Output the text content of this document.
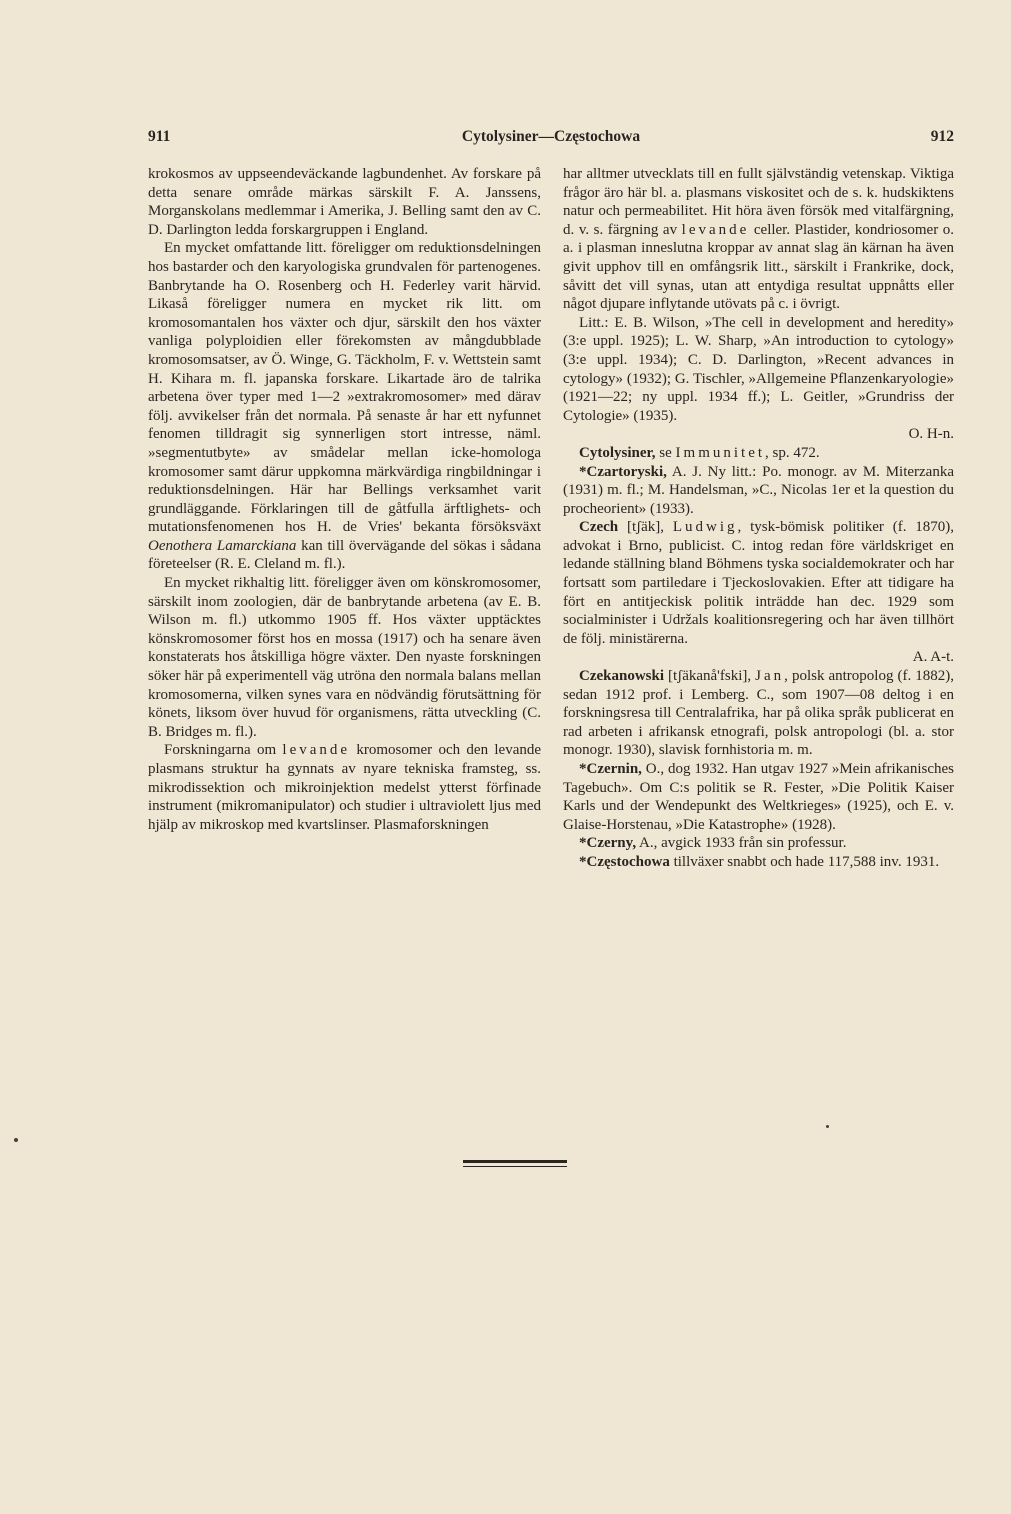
911	Cytolysiner—Częstochowa	912

krokosmos av uppseendeväckande lagbundenhet. Av forskare på detta senare område märkas särskilt F. A. Janssens, Morganskolans medlemmar i Amerika, J. Belling samt den av C. D. Darlington ledda forskargruppen i England.

En mycket omfattande litt. föreligger om reduktionsdelningen hos bastarder och den karyologiska grundvalen för partenogenes. Banbrytande ha O. Rosenberg och H. Federley varit härvid. Likaså föreligger numera en mycket rik litt. om kromosomantalen hos växter och djur, särskilt den hos växter vanliga polyploidien eller förekomsten av mångdubblade kromosomsatser, av Ö. Winge, G. Täckholm, F. v. Wettstein samt H. Kihara m. fl. japanska forskare. Likartade äro de talrika arbetena över typer med 1—2 »extrakromosomer» med därav följ. avvikelser från det normala. På senaste år har ett nyfunnet fenomen tilldragit sig synnerligen stort intresse, näml. »segmentutbyte» av smådelar mellan icke-homologa kromosomer samt därur uppkomna märkvärdiga ringbildningar i reduktionsdelningen. Här har Bellings verksamhet varit grundläggande. Förklaringen till de gåtfulla ärftlighets- och mutationsfenomenen hos H. de Vries' bekanta försöksväxt Oenothera Lamarckiana kan till övervägande del sökas i sådana företeelser (R. E. Cleland m. fl.).

En mycket rikhaltig litt. föreligger även om könskromosomer, särskilt inom zoologien, där de banbrytande arbetena (av E. B. Wilson m. fl.) utkommo 1905 ff. Hos växter upptäcktes könskromosomer först hos en mossa (1917) och ha senare även konstaterats hos åtskilliga högre växter. Den nyaste forskningen söker här på experimentell väg utröna den normala balans mellan kromosomerna, vilken synes vara en nödvändig förutsättning för könets, liksom över huvud för organismens, rätta utveckling (C. B. Bridges m. fl.).

Forskningarna om levande kromosomer och den levande plasmans struktur ha gynnats av nyare tekniska framsteg, ss. mikrodissektion och mikroinjektion medelst ytterst förfinade instrument (mikromanipulator) och studier i ultraviolett ljus med hjälp av mikroskop med kvartslinser. Plasmaforskningen

har alltmer utvecklats till en fullt självständig vetenskap. Viktiga frågor äro här bl. a. plasmans viskositet och de s. k. hudskiktens natur och permeabilitet. Hit höra även försök med vitalfärgning, d. v. s. färgning av levande celler. Plastider, kondriosomer o. a. i plasman inneslutna kroppar av annat slag än kärnan ha även givit upphov till en omfångsrik litt., särskilt i Frankrike, dock, såvitt det vill synas, utan att entydiga resultat uppnåtts eller något djupare inflytande utövats på c. i övrigt.

Litt.: E. B. Wilson, »The cell in development and heredity» (3:e uppl. 1925); L. W. Sharp, »An introduction to cytology» (3:e uppl. 1934); C. D. Darlington, »Recent advances in cytology» (1932); G. Tischler, »Allgemeine Pflanzenkaryologie» (1921—22; ny uppl. 1934 ff.); L. Geitler, »Grundriss der Cytologie» (1935).
O. H-n.

Cytolysiner, se Immunitet, sp. 472.

*Czartoryski, A. J. Ny litt.: Po. monogr. av M. Miterzanka (1931) m. fl.; M. Handelsman, »C., Nicolas 1er et la question du procheorient» (1933).

Czech [tʃäk], Ludwig, tysk-bömisk politiker (f. 1870), advokat i Brno, publicist. C. intog redan före världskriget en ledande ställning bland Böhmens tyska socialdemokrater och har fortsatt som partiledare i Tjeckoslovakien. Efter att tidigare ha fört en antitjeckisk politik inträdde han dec. 1929 som socialminister i Udržals koalitionsregering och har även tillhört de följ. ministärerna.
A. A-t.

Czekanowski [tʃäkanå'fski], Jan, polsk antropolog (f. 1882), sedan 1912 prof. i Lemberg. C., som 1907—08 deltog i en forskningsresa till Centralafrika, har på olika språk publicerat en rad arbeten i afrikansk etnografi, polsk antropologi (bl. a. stor monogr. 1930), slavisk fornhistoria m. m.

*Czernin, O., dog 1932. Han utgav 1927 »Mein afrikanisches Tagebuch». Om C:s politik se R. Fester, »Die Politik Kaiser Karls und der Wendepunkt des Weltkrieges» (1925), och E. v. Glaise-Horstenau, »Die Katastrophe» (1928).

*Czerny, A., avgick 1933 från sin professur.

*Częstochowa tillväxer snabbt och hade 117,588 inv. 1931.
